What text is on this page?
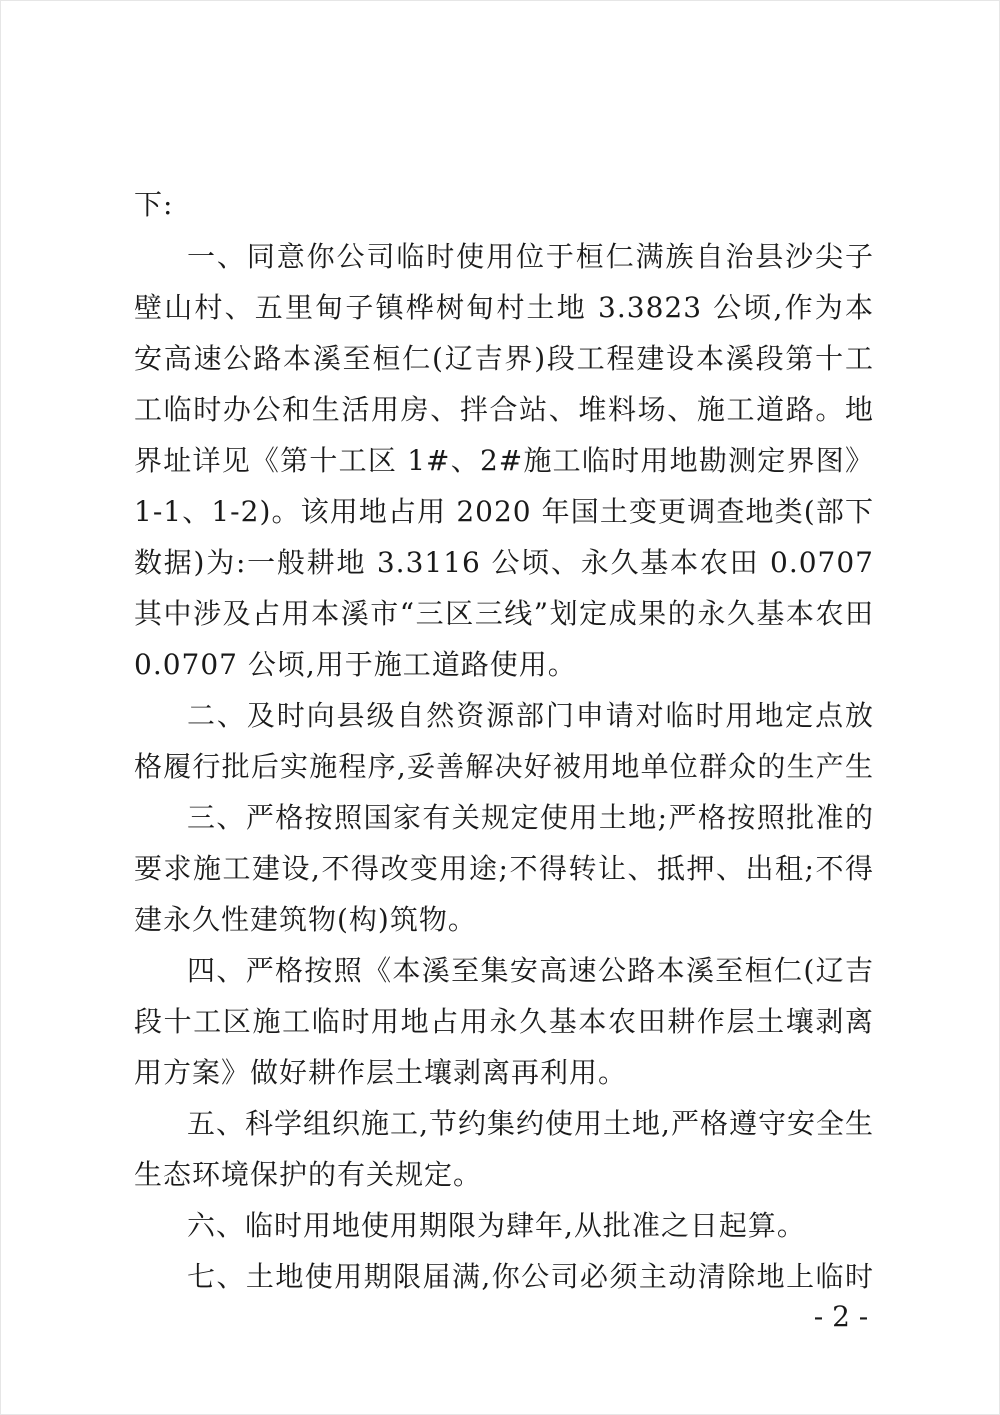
下:
一、同意你公司临时使用位于桓仁满族自治县沙尖子
壁山村、五里甸子镇桦树甸村土地 3.3823 公顷,作为本
安高速公路本溪至桓仁(辽吉界)段工程建设本溪段第十工
工临时办公和生活用房、拌合站、堆料场、施工道路。地
界址详见《第十工区 1#、2#施工临时用地勘测定界图》
1-1、1-2)。该用地占用 2020 年国土变更调查地类(部下
数据)为:一般耕地 3.3116 公顷、永久基本农田 0.0707
其中涉及占用本溪市“三区三线”划定成果的永久基本农田
0.0707 公顷,用于施工道路使用。
二、及时向县级自然资源部门申请对临时用地定点放
格履行批后实施程序,妥善解决好被用地单位群众的生产生
三、严格按照国家有关规定使用土地;严格按照批准的
要求施工建设,不得改变用途;不得转让、抵押、出租;不得
建永久性建筑物(构)筑物。
四、严格按照《本溪至集安高速公路本溪至桓仁(辽吉
段十工区施工临时用地占用永久基本农田耕作层土壤剥离
用方案》做好耕作层土壤剥离再利用。
五、科学组织施工,节约集约使用土地,严格遵守安全生
生态环境保护的有关规定。
六、临时用地使用期限为肆年,从批准之日起算。
七、土地使用期限届满,你公司必须主动清除地上临时
- 2 -
